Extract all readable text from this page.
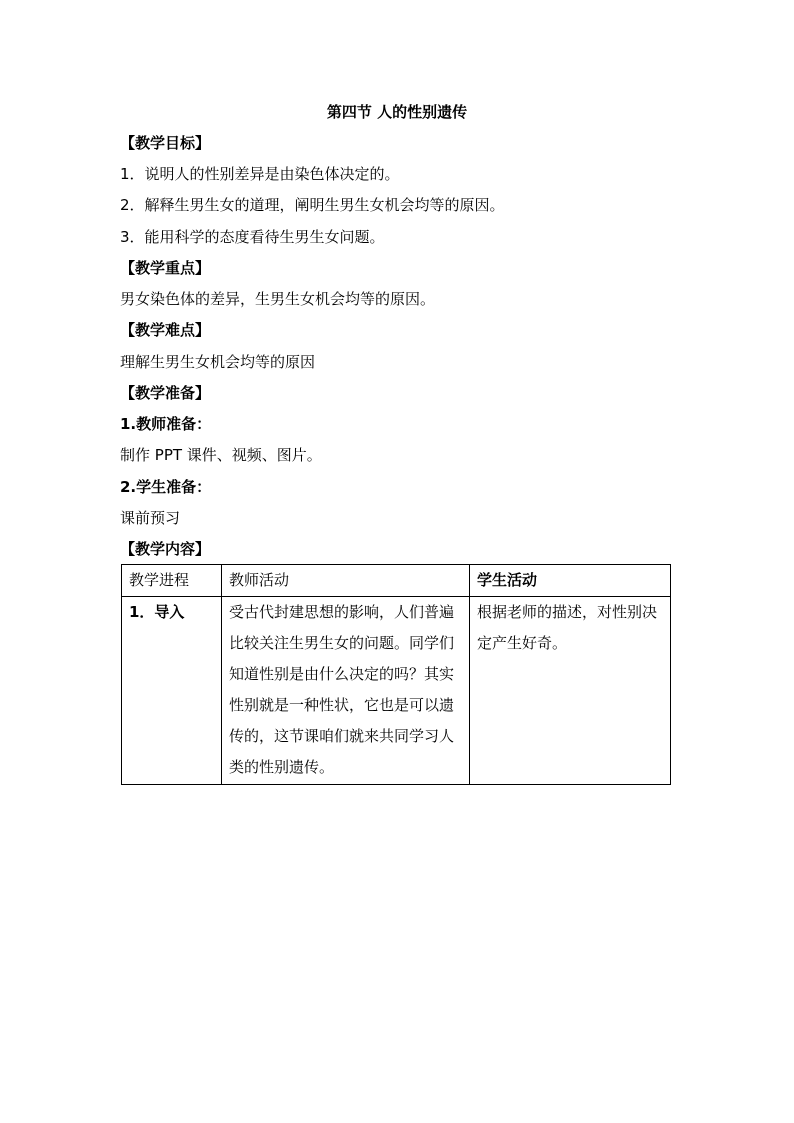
第四节 人的性别遗传
【教学目标】
1．说明人的性别差异是由染色体决定的。
2．解释生男生女的道理，阐明生男生女机会均等的原因。
3．能用科学的态度看待生男生女问题。
【教学重点】
男女染色体的差异，生男生女机会均等的原因。
【教学难点】
理解生男生女机会均等的原因
【教学准备】
1.教师准备：
制作 PPT 课件、视频、图片。
2.学生准备：
课前预习
【教学内容】
教学进程	教师活动	学生活动
1．导入	受古代封建思想的影响，人们普遍比较关注生男生女的问题。同学们知道性别是由什么决定的吗？其实性别就是一种性状，它也是可以遗传的，这节课咱们就来共同学习人类的性别遗传。	根据老师的描述，对性别决定产生好奇。
